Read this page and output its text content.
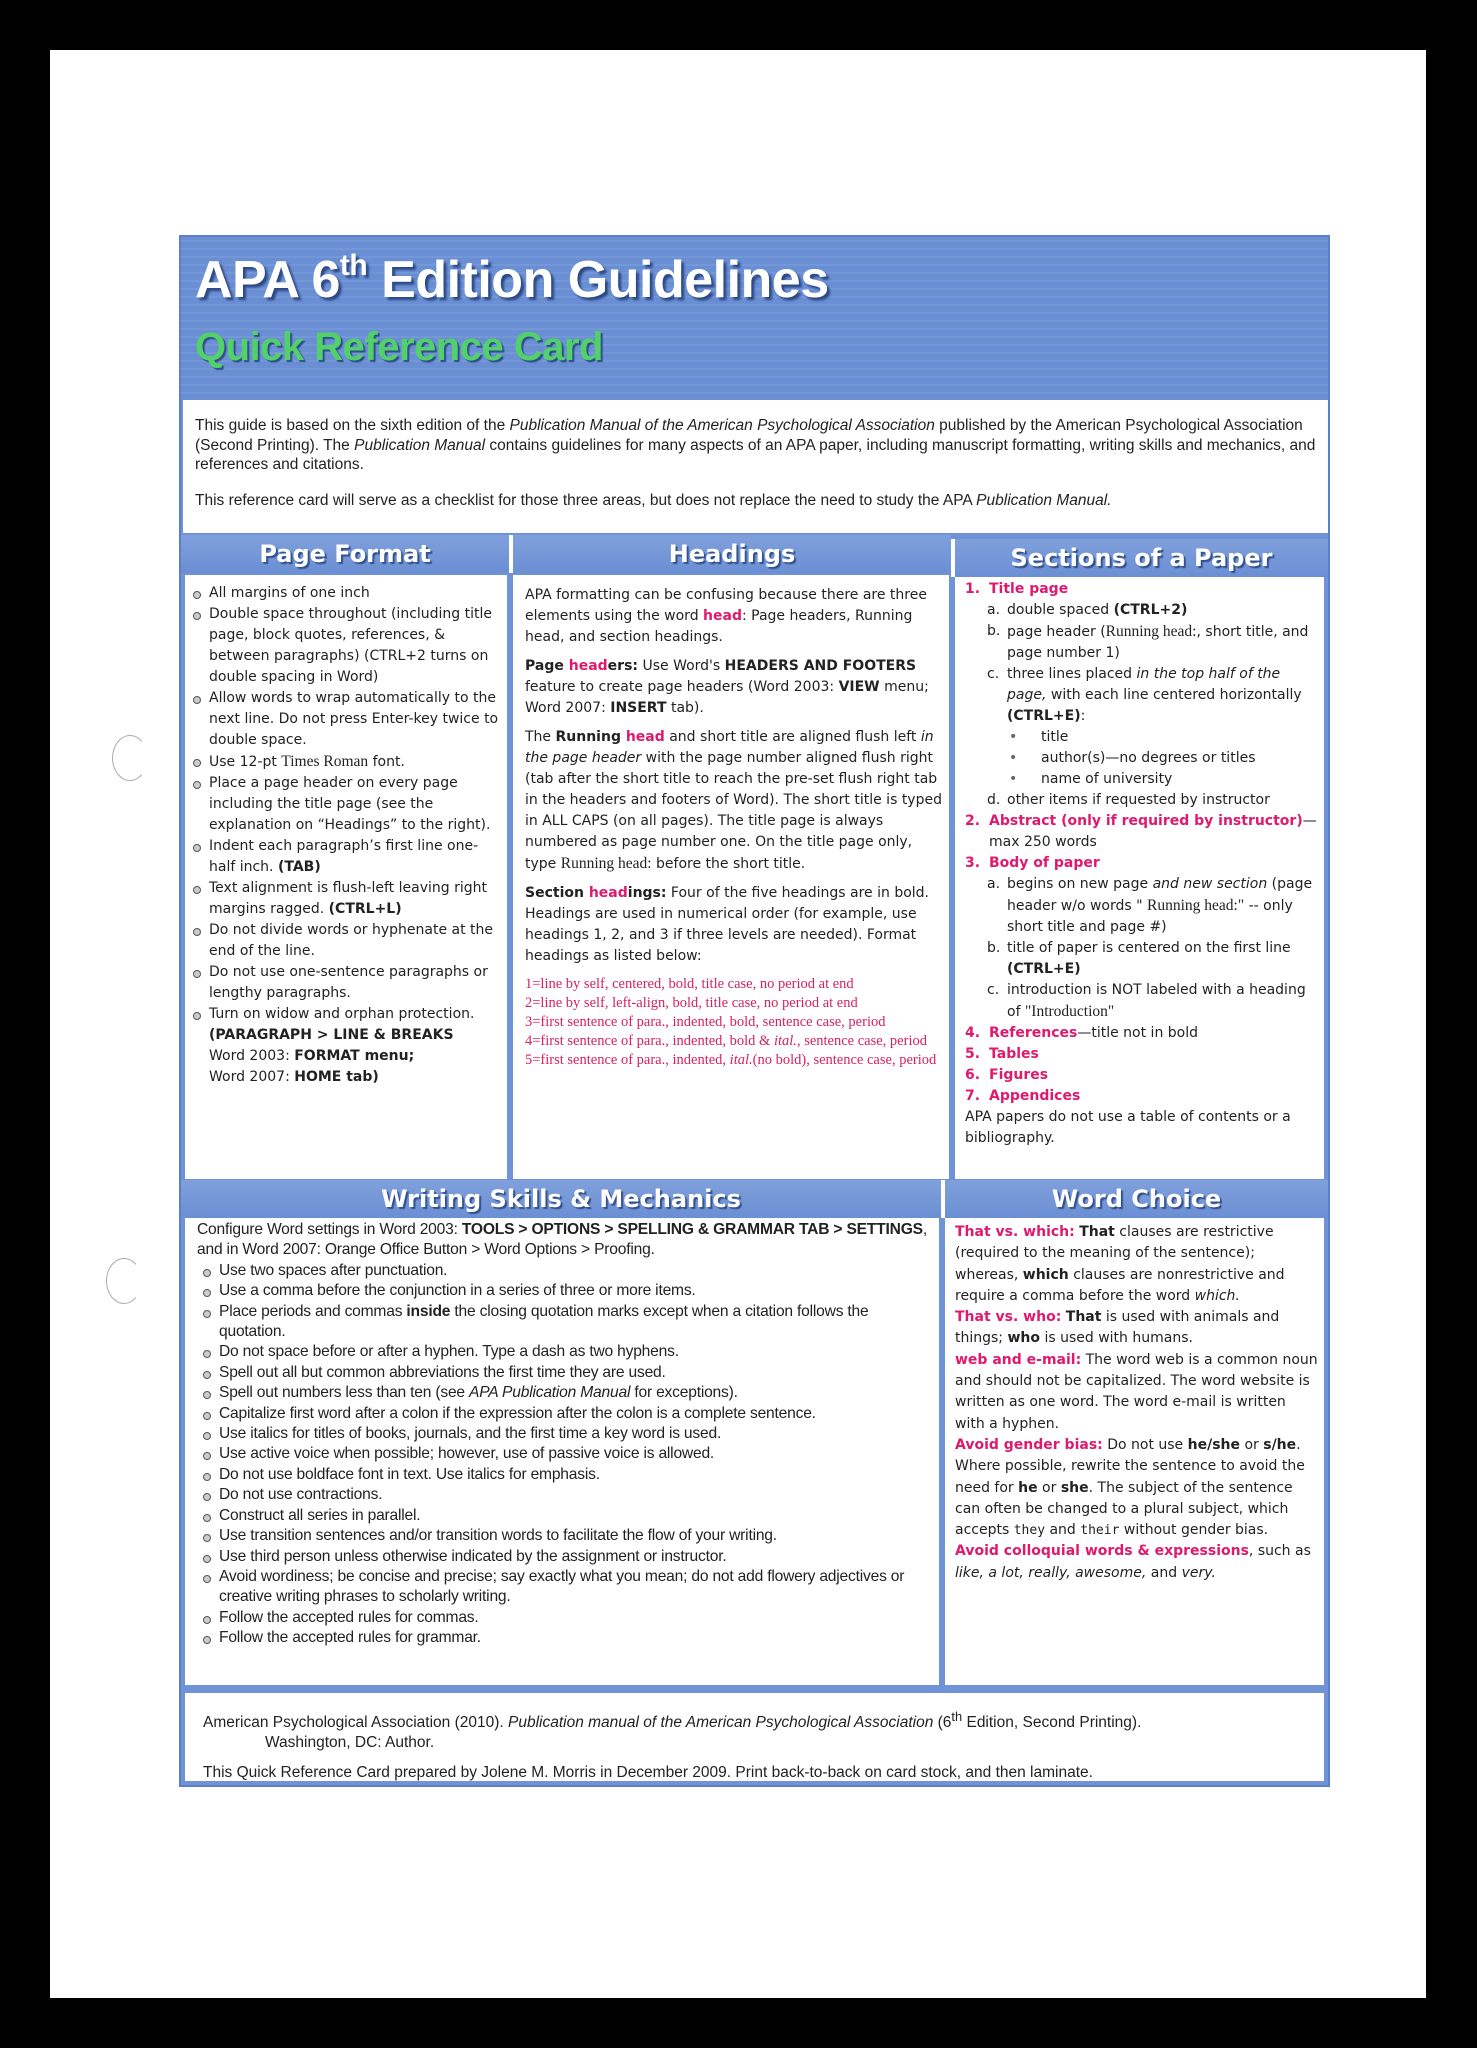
APA 6th Edition Guidelines
Quick Reference Card

This guide is based on the sixth edition of the Publication Manual of the American Psychological Association published by the American Psychological Association (Second Printing). The Publication Manual contains guidelines for many aspects of an APA paper, including manuscript formatting, writing skills and mechanics, and references and citations.

This reference card will serve as a checklist for those three areas, but does not replace the need to study the APA Publication Manual.

Page Format	Headings	Sections of a Paper
All margins of one inch
Double space throughout (including title page, block quotes, references, & between paragraphs) (CTRL+2 turns on double spacing in Word)
Allow words to wrap automatically to the next line. Do not press Enter-key twice to double space.
Use 12-pt Times Roman font.
Place a page header on every page including the title page (see the explanation on “Headings” to the right).
Indent each paragraph’s first line one-half inch. (TAB)
Text alignment is flush-left leaving right margins ragged. (CTRL+L)
Do not divide words or hyphenate at the end of the line.
Do not use one-sentence paragraphs or lengthy paragraphs.
Turn on widow and orphan protection.
(PARAGRAPH > LINE & BREAKS
Word 2003: FORMAT menu;
Word 2007: HOME tab)

APA formatting can be confusing because there are three elements using the word head: Page headers, Running head, and section headings.

Page headers: Use Word's HEADERS AND FOOTERS feature to create page headers (Word 2003: VIEW menu; Word 2007: INSERT tab).

The Running head and short title are aligned flush left in the page header with the page number aligned flush right (tab after the short title to reach the pre-set flush right tab in the headers and footers of Word). The short title is typed in ALL CAPS (on all pages). The title page is always numbered as page number one. On the title page only, type Running head: before the short title.

Section headings: Four of the five headings are in bold. Headings are used in numerical order (for example, use headings 1, 2, and 3 if three levels are needed). Format headings as listed below:

1=line by self, centered, bold, title case, no period at end
2=line by self, left-align, bold, title case, no period at end
3=first sentence of para., indented, bold, sentence case, period
4=first sentence of para., indented, bold & ital., sentence case, period
5=first sentence of para., indented, ital.(no bold), sentence case, period
1. Title page
a. double spaced (CTRL+2)
b. page header (Running head:, short title, and page number 1)
c. three lines placed in the top half of the page, with each line centered horizontally (CTRL+E):
• title
• author(s)—no degrees or titles
• name of university
d. other items if requested by instructor
2. Abstract (only if required by instructor)—max 250 words
3. Body of paper
a. begins on new page and new section (page header w/o words " Running head:" -- only short title and page #)
b. title of paper is centered on the first line (CTRL+E)
c. introduction is NOT labeled with a heading of "Introduction"
4. References—title not in bold
5. Tables
6. Figures
7. Appendices
APA papers do not use a table of contents or a bibliography.
Writing Skills & Mechanics	Word Choice

Configure Word settings in Word 2003: TOOLS > OPTIONS > SPELLING & GRAMMAR TAB > SETTINGS, and in Word 2007: Orange Office Button > Word Options > Proofing.

Use two spaces after punctuation.
Use a comma before the conjunction in a series of three or more items.
Place periods and commas inside the closing quotation marks except when a citation follows the quotation.
Do not space before or after a hyphen. Type a dash as two hyphens.
Spell out all but common abbreviations the first time they are used.
Spell out numbers less than ten (see APA Publication Manual for exceptions).
Capitalize first word after a colon if the expression after the colon is a complete sentence.
Use italics for titles of books, journals, and the first time a key word is used.
Use active voice when possible; however, use of passive voice is allowed.
Do not use boldface font in text. Use italics for emphasis.
Do not use contractions.
Construct all series in parallel.
Use transition sentences and/or transition words to facilitate the flow of your writing.
Use third person unless otherwise indicated by the assignment or instructor.
Avoid wordiness; be concise and precise; say exactly what you mean; do not add flowery adjectives or creative writing phrases to scholarly writing.
Follow the accepted rules for commas.
Follow the accepted rules for grammar.

That vs. which: That clauses are restrictive (required to the meaning of the sentence); whereas, which clauses are nonrestrictive and require a comma before the word which.

That vs. who: That is used with animals and things; who is used with humans.

web and e-mail: The word web is a common noun and should not be capitalized. The word website is written as one word. The word e-mail is written with a hyphen.

Avoid gender bias: Do not use he/she or s/he. Where possible, rewrite the sentence to avoid the need for he or she. The subject of the sentence can often be changed to a plural subject, which accepts they and their without gender bias.

Avoid colloquial words & expressions, such as like, a lot, really, awesome, and very.

American Psychological Association (2010). Publication manual of the American Psychological Association (6th Edition, Second Printing).
Washington, DC: Author.

This Quick Reference Card prepared by Jolene M. Morris in December 2009. Print back-to-back on card stock, and then laminate.
